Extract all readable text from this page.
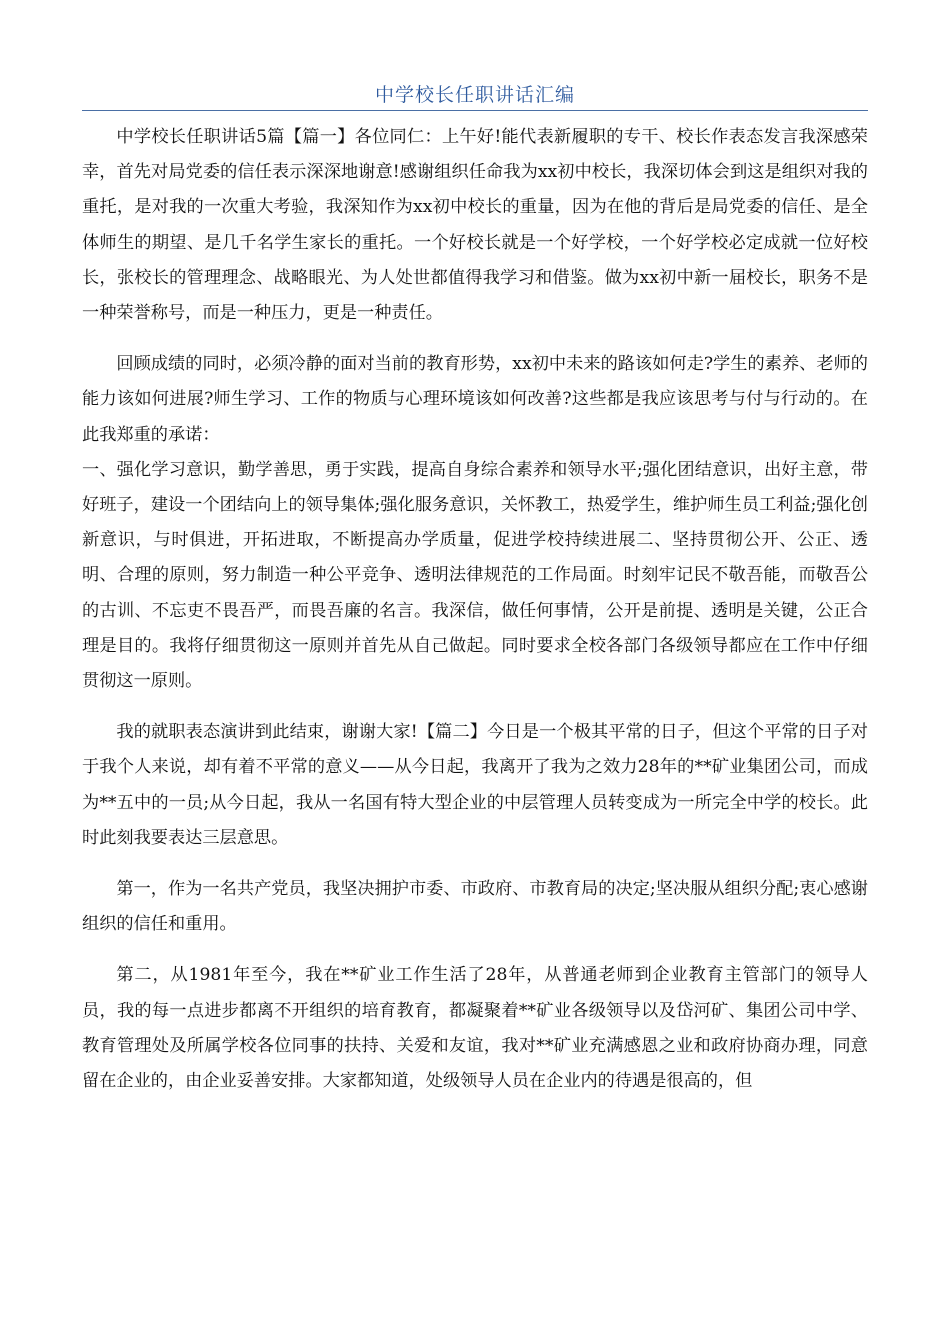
中学校长任职讲话汇编

中学校长任职讲话5篇【篇一】各位同仁：上午好!能代表新履职的专干、校长作表态发言我深感荣幸，首先对局党委的信任表示深深地谢意!感谢组织任命我为xx初中校长，我深切体会到这是组织对我的重托，是对我的一次重大考验，我深知作为xx初中校长的重量，因为在他的背后是局党委的信任、是全体师生的期望、是几千名学生家长的重托。一个好校长就是一个好学校，一个好学校必定成就一位好校长，张校长的管理理念、战略眼光、为人处世都值得我学习和借鉴。做为xx初中新一届校长，职务不是一种荣誉称号，而是一种压力，更是一种责任。

回顾成绩的同时，必须冷静的面对当前的教育形势，xx初中未来的路该如何走?学生的素养、老师的能力该如何进展?师生学习、工作的物质与心理环境该如何改善?这些都是我应该思考与付与行动的。在此我郑重的承诺：

一、强化学习意识，勤学善思，勇于实践，提高自身综合素养和领导水平;强化团结意识，出好主意，带好班子，建设一个团结向上的领导集体;强化服务意识，关怀教工，热爱学生，维护师生员工利益;强化创新意识，与时俱进，开拓进取，不断提高办学质量，促进学校持续进展二、坚持贯彻公开、公正、透明、合理的原则，努力制造一种公平竞争、透明法律规范的工作局面。时刻牢记民不敬吾能，而敬吾公的古训、不忘吏不畏吾严，而畏吾廉的名言。我深信，做任何事情，公开是前提、透明是关键，公正合理是目的。我将仔细贯彻这一原则并首先从自己做起。同时要求全校各部门各级领导都应在工作中仔细贯彻这一原则。

我的就职表态演讲到此结束，谢谢大家!【篇二】今日是一个极其平常的日子，但这个平常的日子对于我个人来说，却有着不平常的意义——从今日起，我离开了我为之效力28年的**矿业集团公司，而成为**五中的一员;从今日起，我从一名国有特大型企业的中层管理人员转变成为一所完全中学的校长。此时此刻我要表达三层意思。

第一，作为一名共产党员，我坚决拥护市委、市政府、市教育局的决定;坚决服从组织分配;衷心感谢组织的信任和重用。

第二，从1981年至今，我在**矿业工作生活了28年，从普通老师到企业教育主管部门的领导人员，我的每一点进步都离不开组织的培育教育，都凝聚着**矿业各级领导以及岱河矿、集团公司中学、教育管理处及所属学校各位同事的扶持、关爱和友谊，我对**矿业充满感恩之业和政府协商办理，同意留在企业的，由企业妥善安排。大家都知道，处级领导人员在企业内的待遇是很高的，但
